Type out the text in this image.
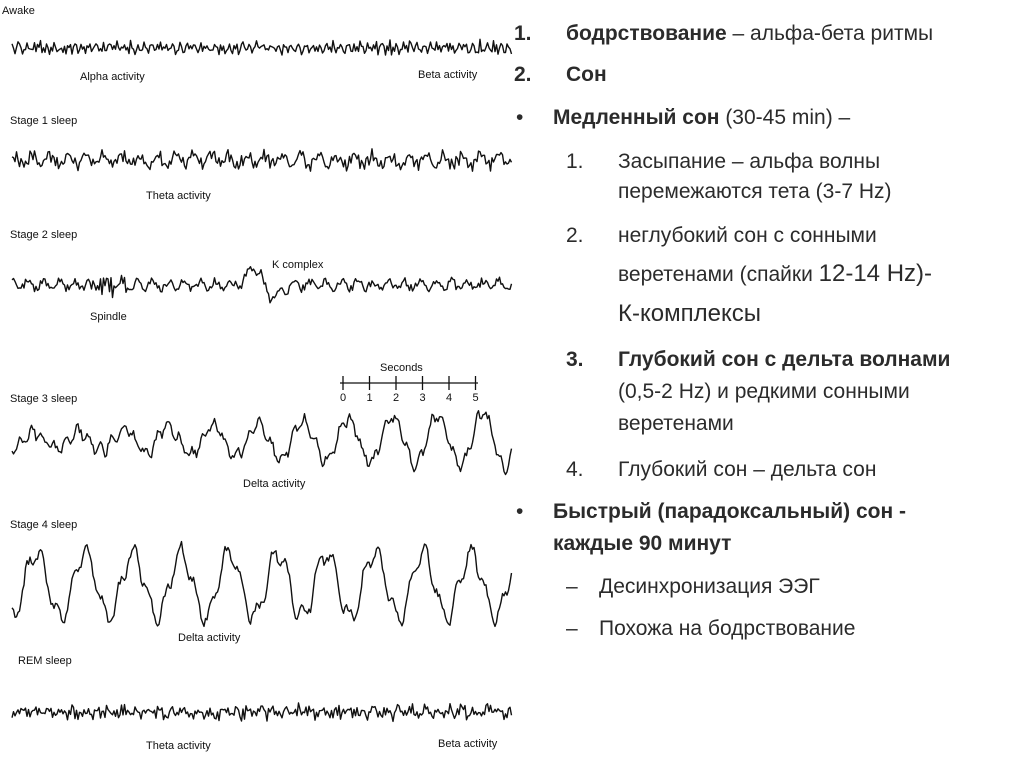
Awake
Alpha activity	Beta activity
Stage 1 sleep
Theta activity
Stage 2 sleep
K complex
Spindle
Seconds
0 1 2 3 4 5
Stage 3 sleep
Delta activity
Stage 4 sleep
Delta activity
REM sleep
Theta activity	Beta activity
1. бодрствование – альфа-бета ритмы
2. Сон
• Медленный сон (30-45 min) –
1. Засыпание – альфа волны
перемежаются тета (3-7 Hz)
2. неглубокий сон с сонными
веретенами (спайки 12-14 Hz)-
К-комплексы
3. Глубокий сон с дельта волнами
(0,5-2 Hz) и редкими сонными
веретенами
4. Глубокий сон – дельта сон
• Быстрый (парадоксальный) сон -
каждые 90 минут
– Десинхронизация ЭЭГ
– Похожа на бодрствование
